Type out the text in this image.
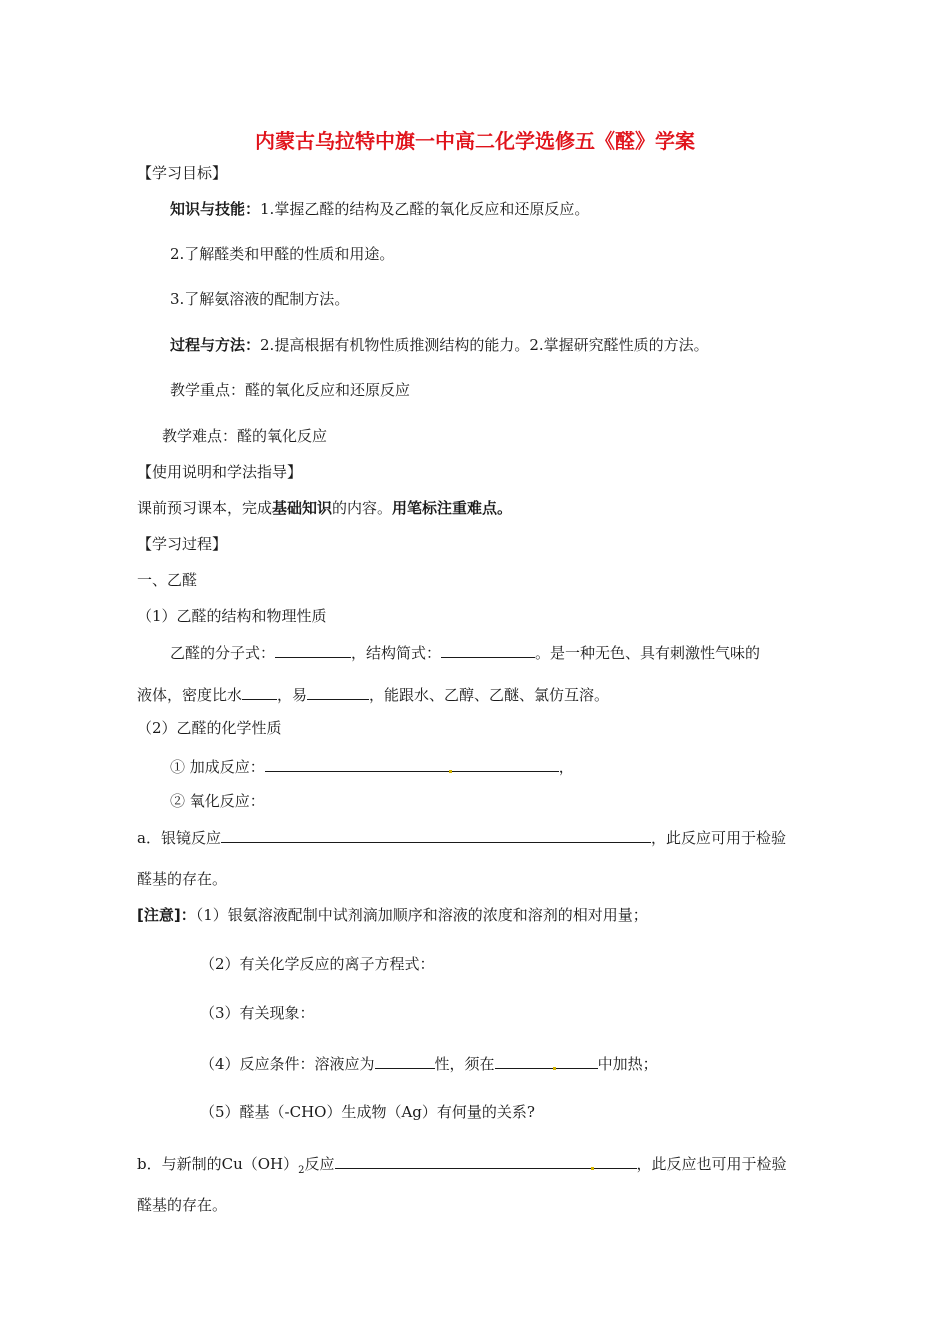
内蒙古乌拉特中旗一中高二化学选修五《醛》学案
【学习目标】
知识与技能：1.掌握乙醛的结构及乙醛的氧化反应和还原反应。
2.了解醛类和甲醛的性质和用途。
3.了解氨溶液的配制方法。
过程与方法：2.提高根据有机物性质推测结构的能力。2.掌握研究醛性质的方法。
教学重点：醛的氧化反应和还原反应
教学难点：醛的氧化反应
【使用说明和学法指导】
课前预习课本，完成基础知识的内容。用笔标注重难点。
【学习过程】
一、乙醛
（1）乙醛的结构和物理性质
乙醛的分子式：	，结构简式：	。是一种无色、具有刺激性气味的
液体，密度比水 ，易	，能跟水、乙醇、乙醚、氯仿互溶。
（2）乙醛的化学性质
① 加成反应：	，
② 氧化反应：
a．银镜反应	，此反应可用于检验
醛基的存在。
[注意]：（1）银氨溶液配制中试剂滴加顺序和溶液的浓度和溶剂的相对用量；
（2）有关化学反应的离子方程式：
（3）有关现象：
（4）反应条件：溶液应为	性，须在	中加热；
（5）醛基（-CHO）生成物（Ag）有何量的关系?
b．与新制的$Cu(OH)_2$反应	，此反应也可用于检验
醛基的存在。
